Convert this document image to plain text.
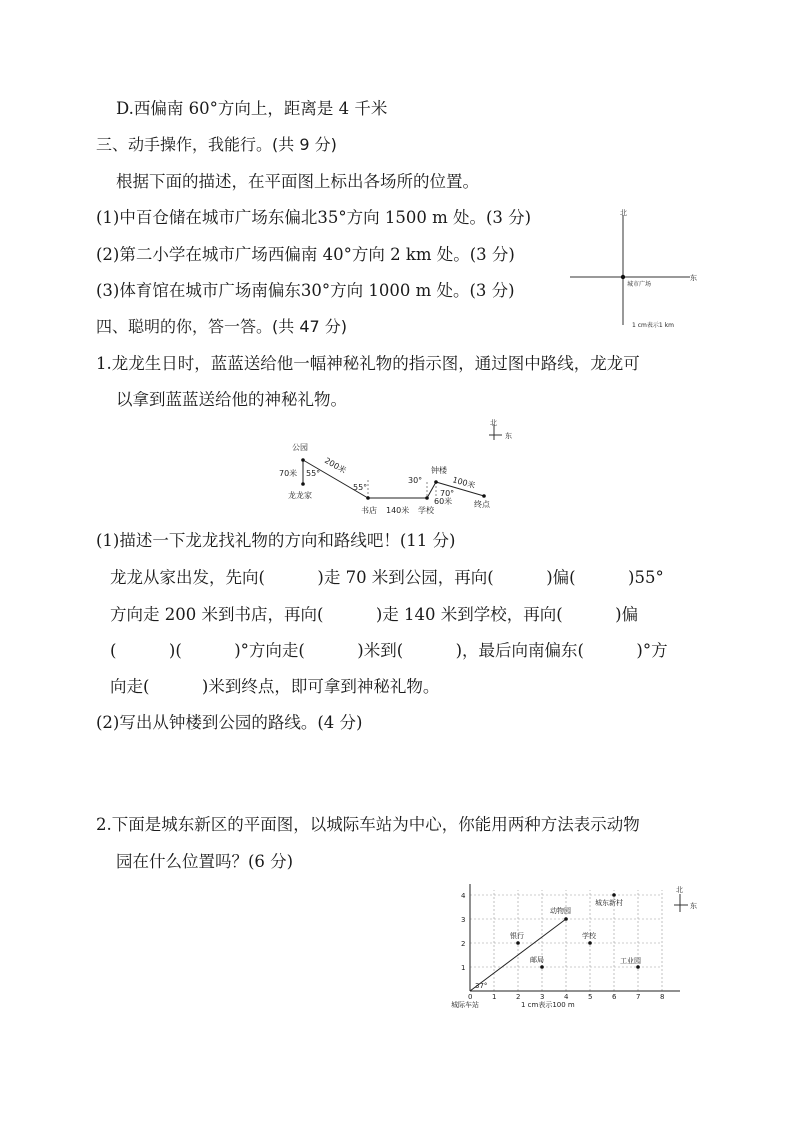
D.西偏南 60°方向上，距离是 4 千米
三、动手操作，我能行。(共 9 分)
根据下面的描述，在平面图上标出各场所的位置。
(1)中百仓储在城市广场东偏北35°方向 1500 m 处。(3 分)
(2)第二小学在城市广场西偏南 40°方向 2 km 处。(3 分)
(3)体育馆在城市广场南偏东30°方向 1000 m 处。(3 分)
北
东
城市广场
1 cm表示1 km
四、聪明的你，答一答。(共 47 分)
1.龙龙生日时，蓝蓝送给他一幅神秘礼物的指示图，通过图中路线，龙龙可
以拿到蓝蓝送给他的神秘礼物。
北
东
公园
龙龙家
70米 55° 200米
55°
书店 140米 学校
30°
钟楼
70°
60米
100米
终点
(1)描述一下龙龙找礼物的方向和路线吧！(11 分)
龙龙从家出发，先向(          )走 70 米到公园，再向(          )偏(          )55°
方向走 200 米到书店，再向(          )走 140 米到学校，再向(          )偏
(          )(          )°方向走(          )米到(          )，最后向南偏东(          )°方
向走(          )米到终点，即可拿到神秘礼物。
(2)写出从钟楼到公园的路线。(4 分)
2.下面是城东新区的平面图，以城际车站为中心，你能用两种方法表示动物
园在什么位置吗？(6 分)
0	1	2	3	4	5	6	7	8
1
2
3
4
动物园
银行
邮局
学校
城东新村
工业园
北
东
城际车站	1 cm表示100 m
37°
